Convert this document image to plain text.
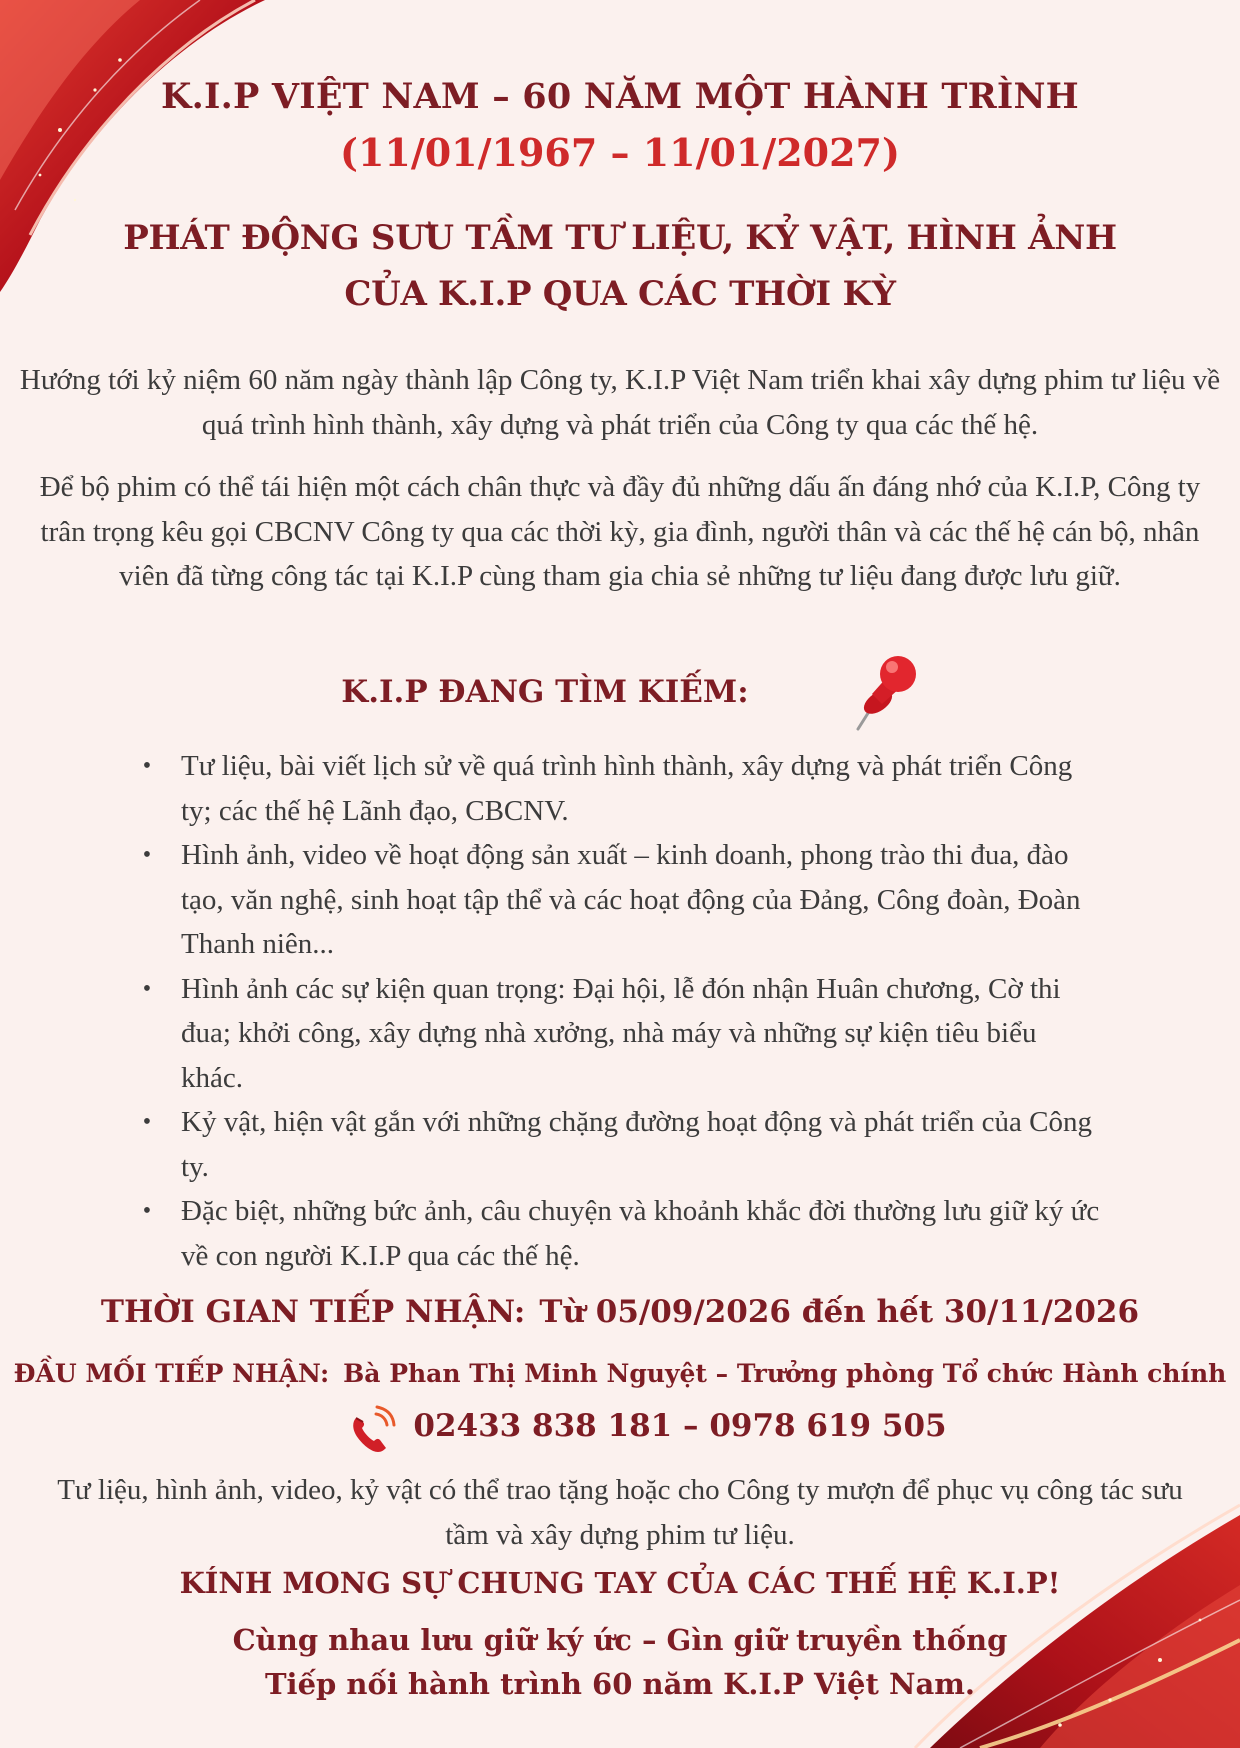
K.I.P VIỆT NAM – 60 NĂM MỘT HÀNH TRÌNH
(11/01/1967 – 11/01/2027)
PHÁT ĐỘNG SƯU TẦM TƯ LIỆU, KỶ VẬT, HÌNH ẢNH
CỦA K.I.P QUA CÁC THỜI KỲ
Hướng tới kỷ niệm 60 năm ngày thành lập Công ty, K.I.P Việt Nam triển khai xây dựng phim tư liệu về quá trình hình thành, xây dựng và phát triển của Công ty qua các thế hệ.
Để bộ phim có thể tái hiện một cách chân thực và đầy đủ những dấu ấn đáng nhớ của K.I.P, Công ty trân trọng kêu gọi CBCNV Công ty qua các thời kỳ, gia đình, người thân và các thế hệ cán bộ, nhân viên đã từng công tác tại K.I.P cùng tham gia chia sẻ những tư liệu đang được lưu giữ.
K.I.P ĐANG TÌM KIẾM:
• Tư liệu, bài viết lịch sử về quá trình hình thành, xây dựng và phát triển Công ty; các thế hệ Lãnh đạo, CBCNV.
• Hình ảnh, video về hoạt động sản xuất – kinh doanh, phong trào thi đua, đào tạo, văn nghệ, sinh hoạt tập thể và các hoạt động của Đảng, Công đoàn, Đoàn Thanh niên...
• Hình ảnh các sự kiện quan trọng: Đại hội, lễ đón nhận Huân chương, Cờ thi đua; khởi công, xây dựng nhà xưởng, nhà máy và những sự kiện tiêu biểu khác.
• Kỷ vật, hiện vật gắn với những chặng đường hoạt động và phát triển của Công ty.
• Đặc biệt, những bức ảnh, câu chuyện và khoảnh khắc đời thường lưu giữ ký ức về con người K.I.P qua các thế hệ.
THỜI GIAN TIẾP NHẬN: Từ 05/09/2026 đến hết 30/11/2026
ĐẦU MỐI TIẾP NHẬN: Bà Phan Thị Minh Nguyệt – Trưởng phòng Tổ chức Hành chính
02433 838 181 – 0978 619 505
Tư liệu, hình ảnh, video, kỷ vật có thể trao tặng hoặc cho Công ty mượn để phục vụ công tác sưu tầm và xây dựng phim tư liệu.
KÍNH MONG SỰ CHUNG TAY CỦA CÁC THẾ HỆ K.I.P!
Cùng nhau lưu giữ ký ức – Gìn giữ truyền thống
Tiếp nối hành trình 60 năm K.I.P Việt Nam.
